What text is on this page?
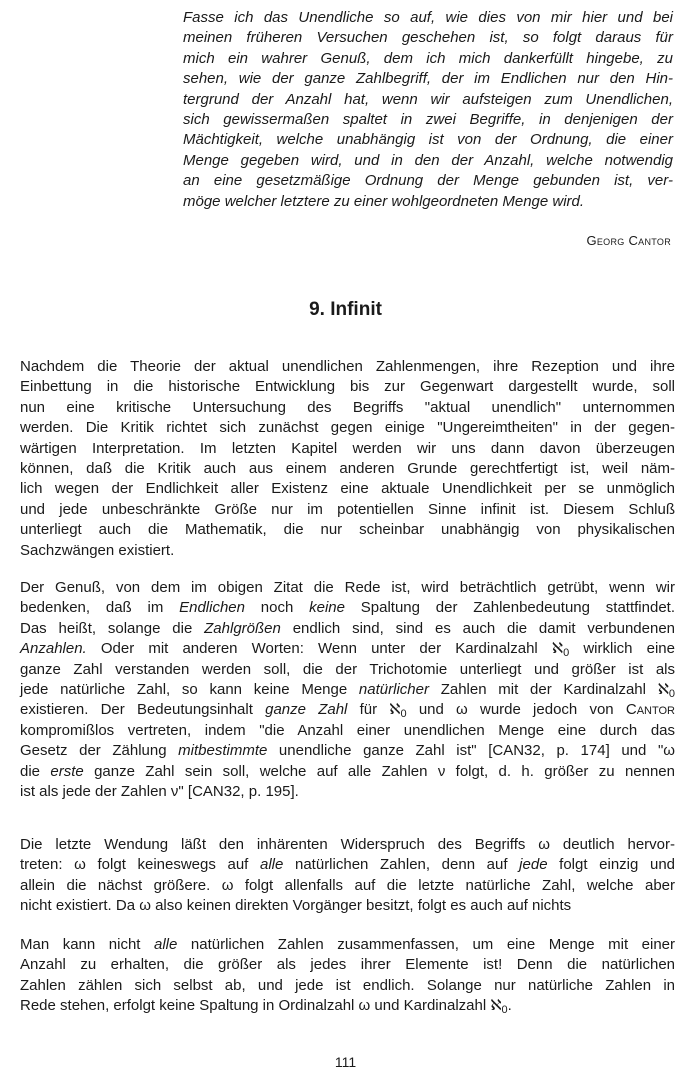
Fasse ich das Unendliche so auf, wie dies von mir hier und bei
meinen früheren Versuchen geschehen ist, so folgt daraus für
mich ein wahrer Genuß, dem ich mich dankerfüllt hingebe, zu
sehen, wie der ganze Zahlbegriff, der im Endlichen nur den Hin-
tergrund der Anzahl hat, wenn wir aufsteigen zum Unendlichen,
sich gewissermaßen spaltet in zwei Begriffe, in denjenigen der
Mächtigkeit, welche unabhängig ist von der Ordnung, die einer
Menge gegeben wird, und in den der Anzahl, welche notwendig
an eine gesetzmäßige Ordnung der Menge gebunden ist, ver-
möge welcher letztere zu einer wohlgeordneten Menge wird.

Georg Cantor

9. Infinit
Nachdem die Theorie der aktual unendlichen Zahlenmengen, ihre Rezeption und ihre
Einbettung in die historische Entwicklung bis zur Gegenwart dargestellt wurde, soll
nun eine kritische Untersuchung des Begriffs "aktual unendlich" unternommen
werden. Die Kritik richtet sich zunächst gegen einige "Ungereimtheiten" in der gegen-
wärtigen Interpretation. Im letzten Kapitel werden wir uns dann davon überzeugen
können, daß die Kritik auch aus einem anderen Grunde gerechtfertigt ist, weil näm-
lich wegen der Endlichkeit aller Existenz eine aktuale Unendlichkeit per se unmöglich
und jede unbeschränkte Größe nur im potentiellen Sinne infinit ist. Diesem Schluß
unterliegt auch die Mathematik, die nur scheinbar unabhängig von physikalischen
Sachzwängen existiert.
Der Genuß, von dem im obigen Zitat die Rede ist, wird beträchtlich getrübt, wenn wir
bedenken, daß im Endlichen noch keine Spaltung der Zahlenbedeutung stattfindet.
Das heißt, solange die Zahlgrößen endlich sind, sind es auch die damit verbundenen
Anzahlen. Oder mit anderen Worten: Wenn unter der Kardinalzahl ℵ$_0$ wirklich eine
ganze Zahl verstanden werden soll, die der Trichotomie unterliegt und größer ist als
jede natürliche Zahl, so kann keine Menge natürlicher Zahlen mit der Kardinalzahl ℵ$_0$
existieren. Der Bedeutungsinhalt ganze Zahl für ℵ$_0$ und ω wurde jedoch von Cantor
kompromißlos vertreten, indem "die Anzahl einer unendlichen Menge eine durch das
Gesetz der Zählung mitbestimmte unendliche ganze Zahl ist" [CAN32, p. 174] und "ω
die erste ganze Zahl sein soll, welche auf alle Zahlen ν folgt, d. h. größer zu nennen
ist als jede der Zahlen ν" [CAN32, p. 195].
Die letzte Wendung läßt den inhärenten Widerspruch des Begriffs ω deutlich hervor-
treten: ω folgt keineswegs auf alle natürlichen Zahlen, denn auf jede folgt einzig und
allein die nächst größere. ω folgt allenfalls auf die letzte natürliche Zahl, welche aber
nicht existiert. Da ω also keinen direkten Vorgänger besitzt, folgt es auch auf nichts
Man kann nicht alle natürlichen Zahlen zusammenfassen, um eine Menge mit einer
Anzahl zu erhalten, die größer als jedes ihrer Elemente ist! Denn die natürlichen
Zahlen zählen sich selbst ab, und jede ist endlich. Solange nur natürliche Zahlen in
Rede stehen, erfolgt keine Spaltung in Ordinalzahl ω und Kardinalzahl ℵ$_0$.

111
